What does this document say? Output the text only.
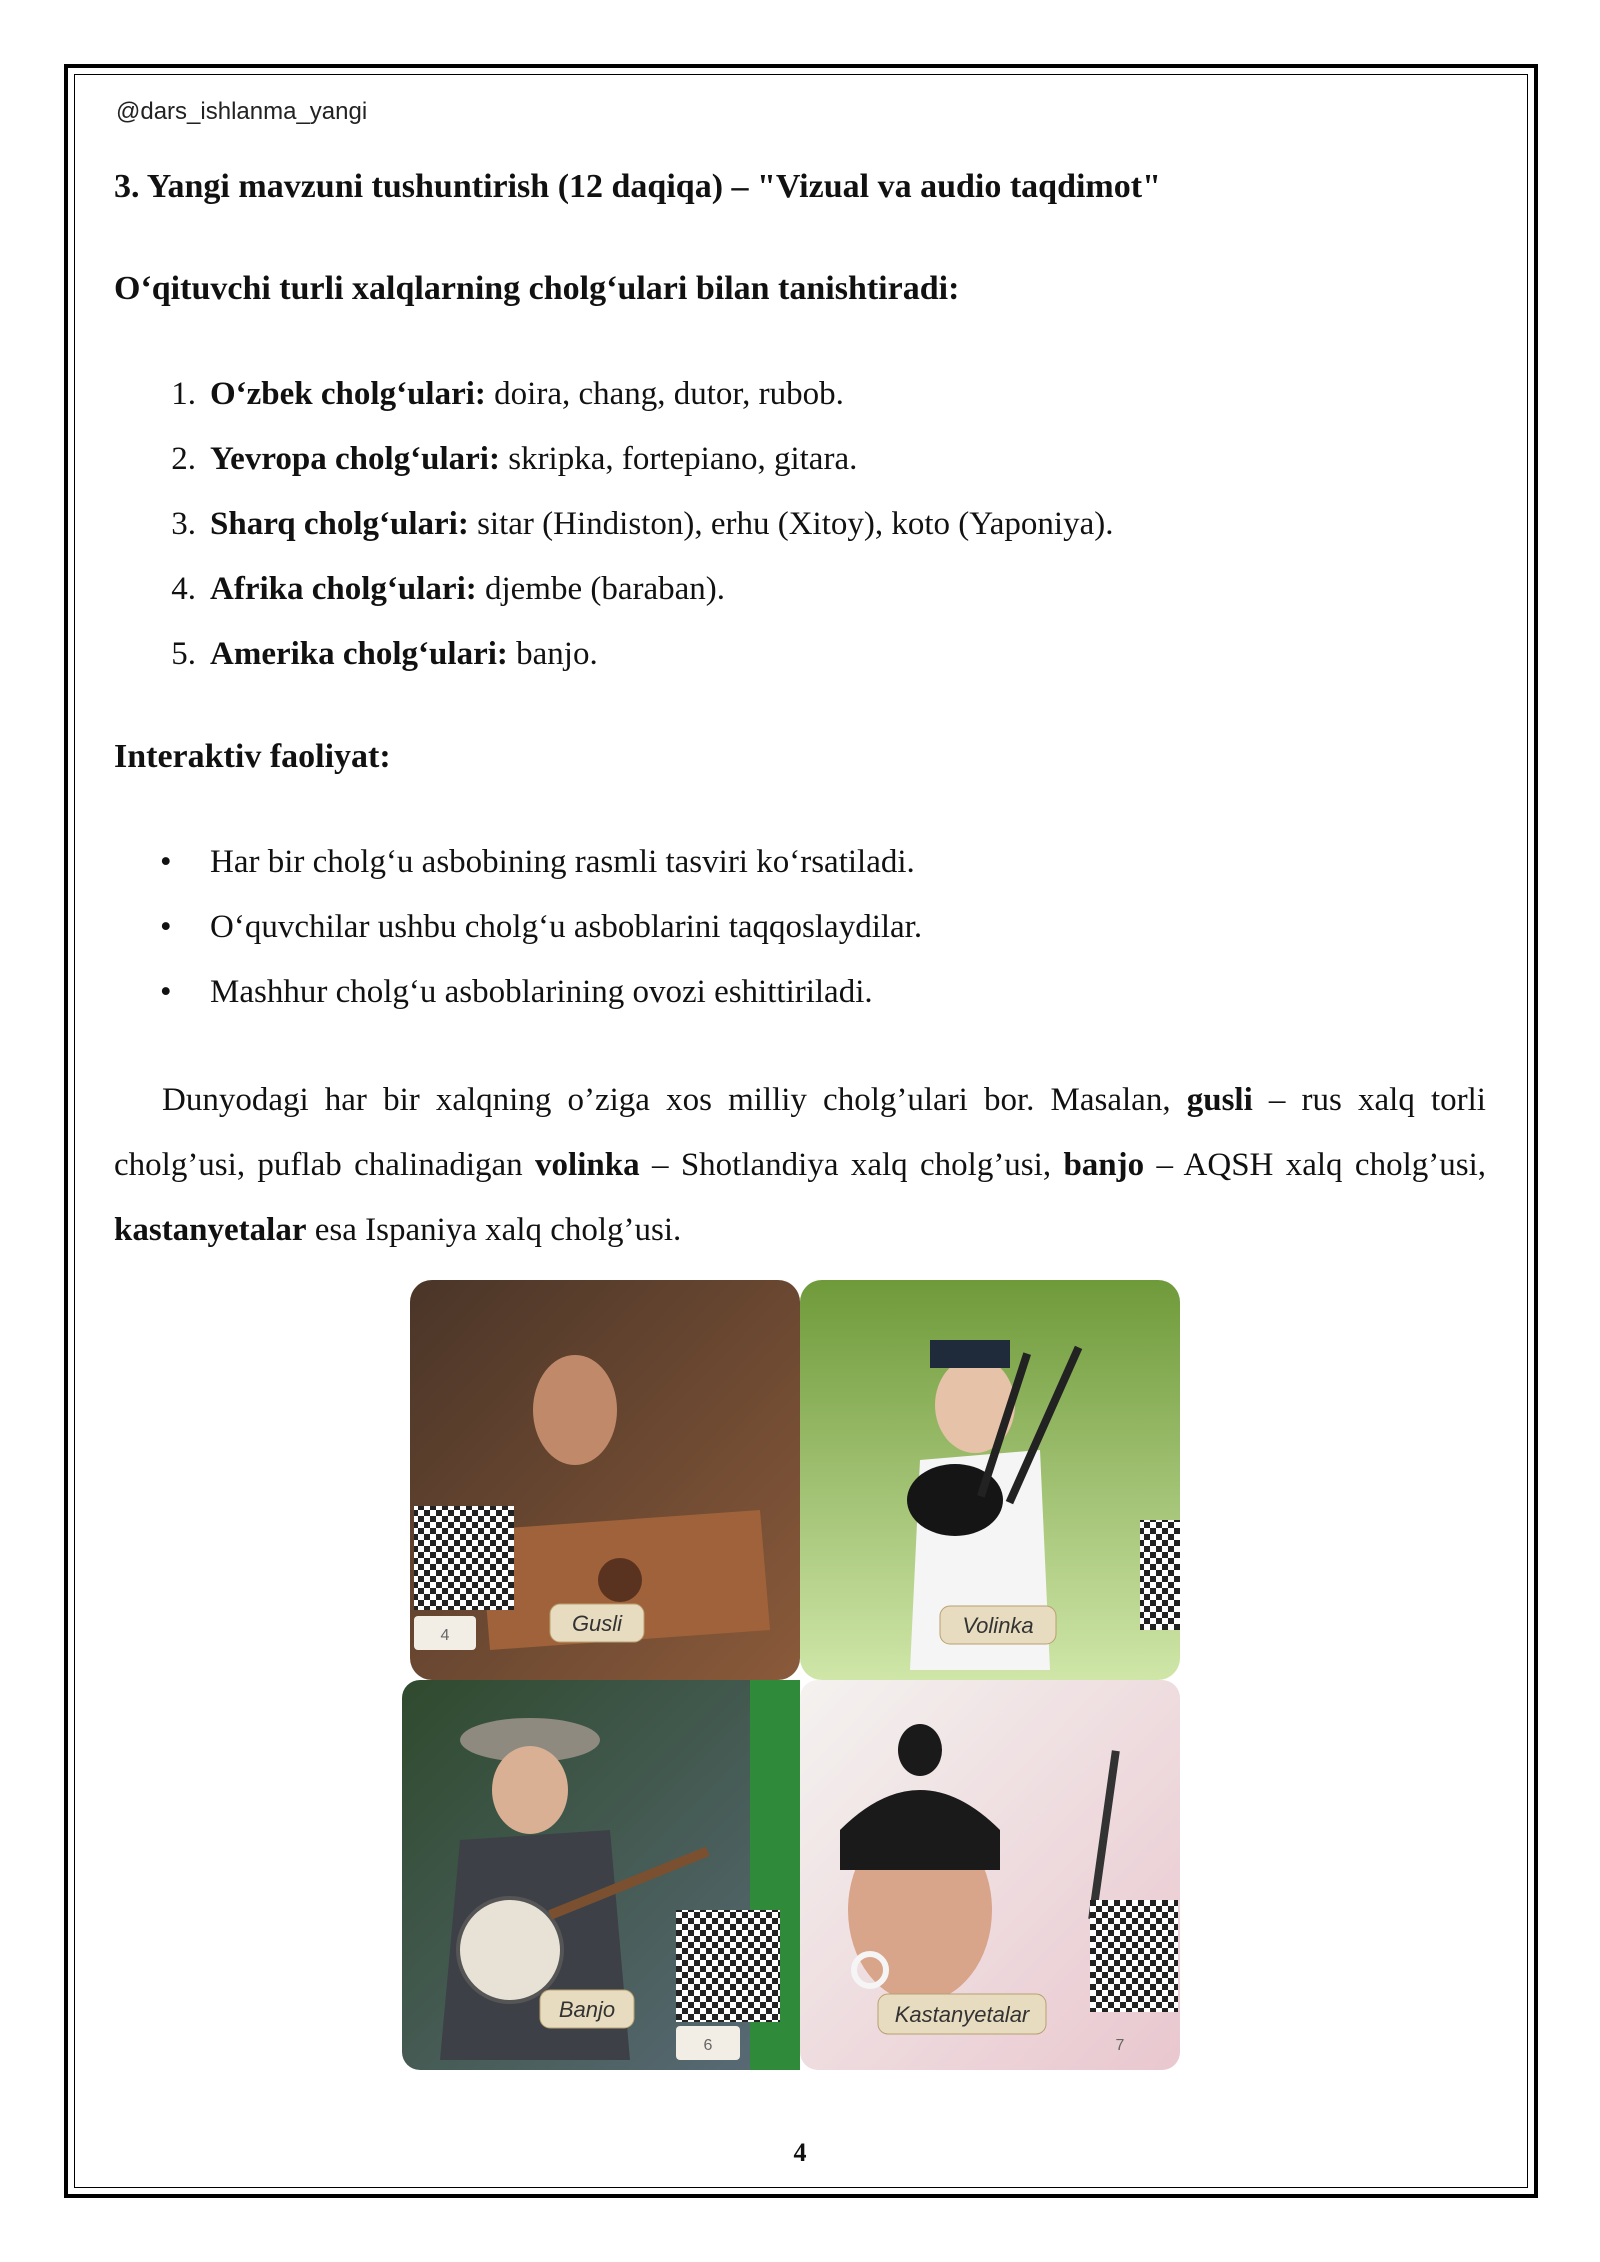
@dars_ishlanma_yangi
3. Yangi mavzuni tushuntirish (12 daqiqa) – "Vizual va audio taqdimot"
O‘qituvchi turli xalqlarning cholg‘ulari bilan tanishtiradi:
1. O‘zbek cholg‘ulari: doira, chang, dutor, rubob.
2. Yevropa cholg‘ulari: skripka, fortepiano, gitara.
3. Sharq cholg‘ulari: sitar (Hindiston), erhu (Xitoy), koto (Yaponiya).
4. Afrika cholg‘ulari: djembe (baraban).
5. Amerika cholg‘ulari: banjo.
Interaktiv faoliyat:
• Har bir cholg‘u asbobining rasmli tasviri ko‘rsatiladi.
• O‘quvchilar ushbu cholg‘u asboblarini taqqoslaydilar.
• Mashhur cholg‘u asboblarining ovozi eshittiriladi.

Dunyodagi har bir xalqning o’ziga xos milliy cholg’ulari bor. Masalan, gusli – rus xalq torli cholg’usi, puflab chalinadigan volinka – Shotlandiya xalq cholg’usi, banjo – AQSH xalq cholg’usi, kastanyetalar esa Ispaniya xalq cholg’usi.

4	Gusli	Volinka
6
Banjo
7
Kastanyetalar
4
